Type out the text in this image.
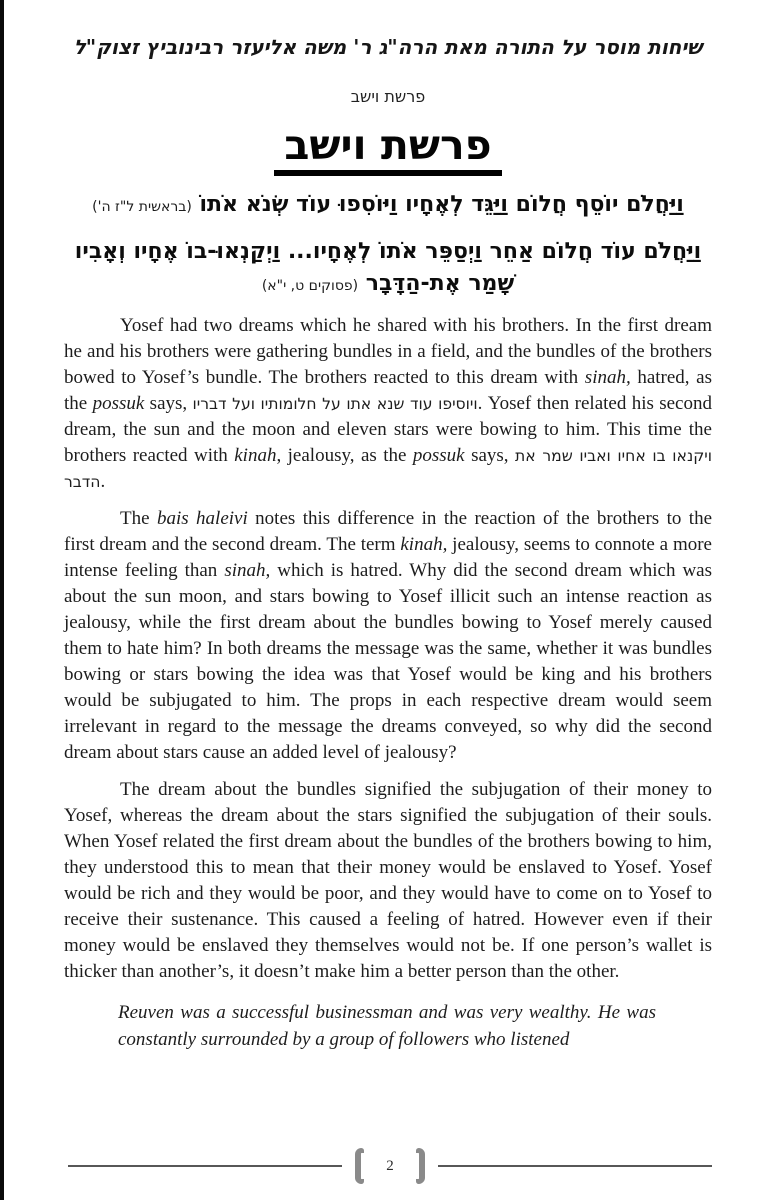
שיחות מוסר על התורה מאת הרה"ג ר' משה אליעזר רבינוביץ זצוק"ל
פרשת וישב
פרשת וישב
וַיַּחֲלֹם יוֹסֵף חֲלוֹם וַיַּגֵּד לְאֶחָיו וַיּוֹסִפוּ עוֹד שְׂנֹא אֹתוֹ (בראשית ל"ז ה')
וַיַּחֲלֹם עוֹד חֲלוֹם אַחֵר וַיְסַפֵּר אֹתוֹ לְאֶחָיו... וַיְקַנְאוּ-בוֹ אֶחָיו וְאָבִיו שָׁמַר אֶת-הַדָּבָר (פסוקים ט, י"א)

Yosef had two dreams which he shared with his brothers. In the first dream he and his brothers were gathering bundles in a field, and the bundles of the brothers bowed to Yosef’s bundle. The brothers reacted to this dream with sinah, hatred, as the possuk says, ויוסיפו עוד שנא אתו על חלומותיו ועל דבריו. Yosef then related his second dream, the sun and the moon and eleven stars were bowing to him. This time the brothers reacted with kinah, jealousy, as the possuk says, ויקנאו בו אחיו ואביו שמר את הדבר.

The bais haleivi notes this difference in the reaction of the brothers to the first dream and the second dream. The term kinah, jealousy, seems to connote a more intense feeling than sinah, which is hatred. Why did the second dream which was about the sun moon, and stars bowing to Yosef illicit such an intense reaction as jealousy, while the first dream about the bundles bowing to Yosef merely caused them to hate him? In both dreams the message was the same, whether it was bundles bowing or stars bowing the idea was that Yosef would be king and his brothers would be subjugated to him. The props in each respective dream would seem irrelevant in regard to the message the dreams conveyed, so why did the second dream about stars cause an added level of jealousy?

The dream about the bundles signified the subjugation of their money to Yosef, whereas the dream about the stars signified the subjugation of their souls. When Yosef related the first dream about the bundles of the brothers bowing to him, they understood this to mean that their money would be enslaved to Yosef. Yosef would be rich and they would be poor, and they would have to come on to Yosef to receive their sustenance. This caused a feeling of hatred. However even if their money would be enslaved they themselves would not be. If one person’s wallet is thicker than another’s, it doesn’t make him a better person than the other.

Reuven was a successful businessman and was very wealthy. He was constantly surrounded by a group of followers who listened

2
